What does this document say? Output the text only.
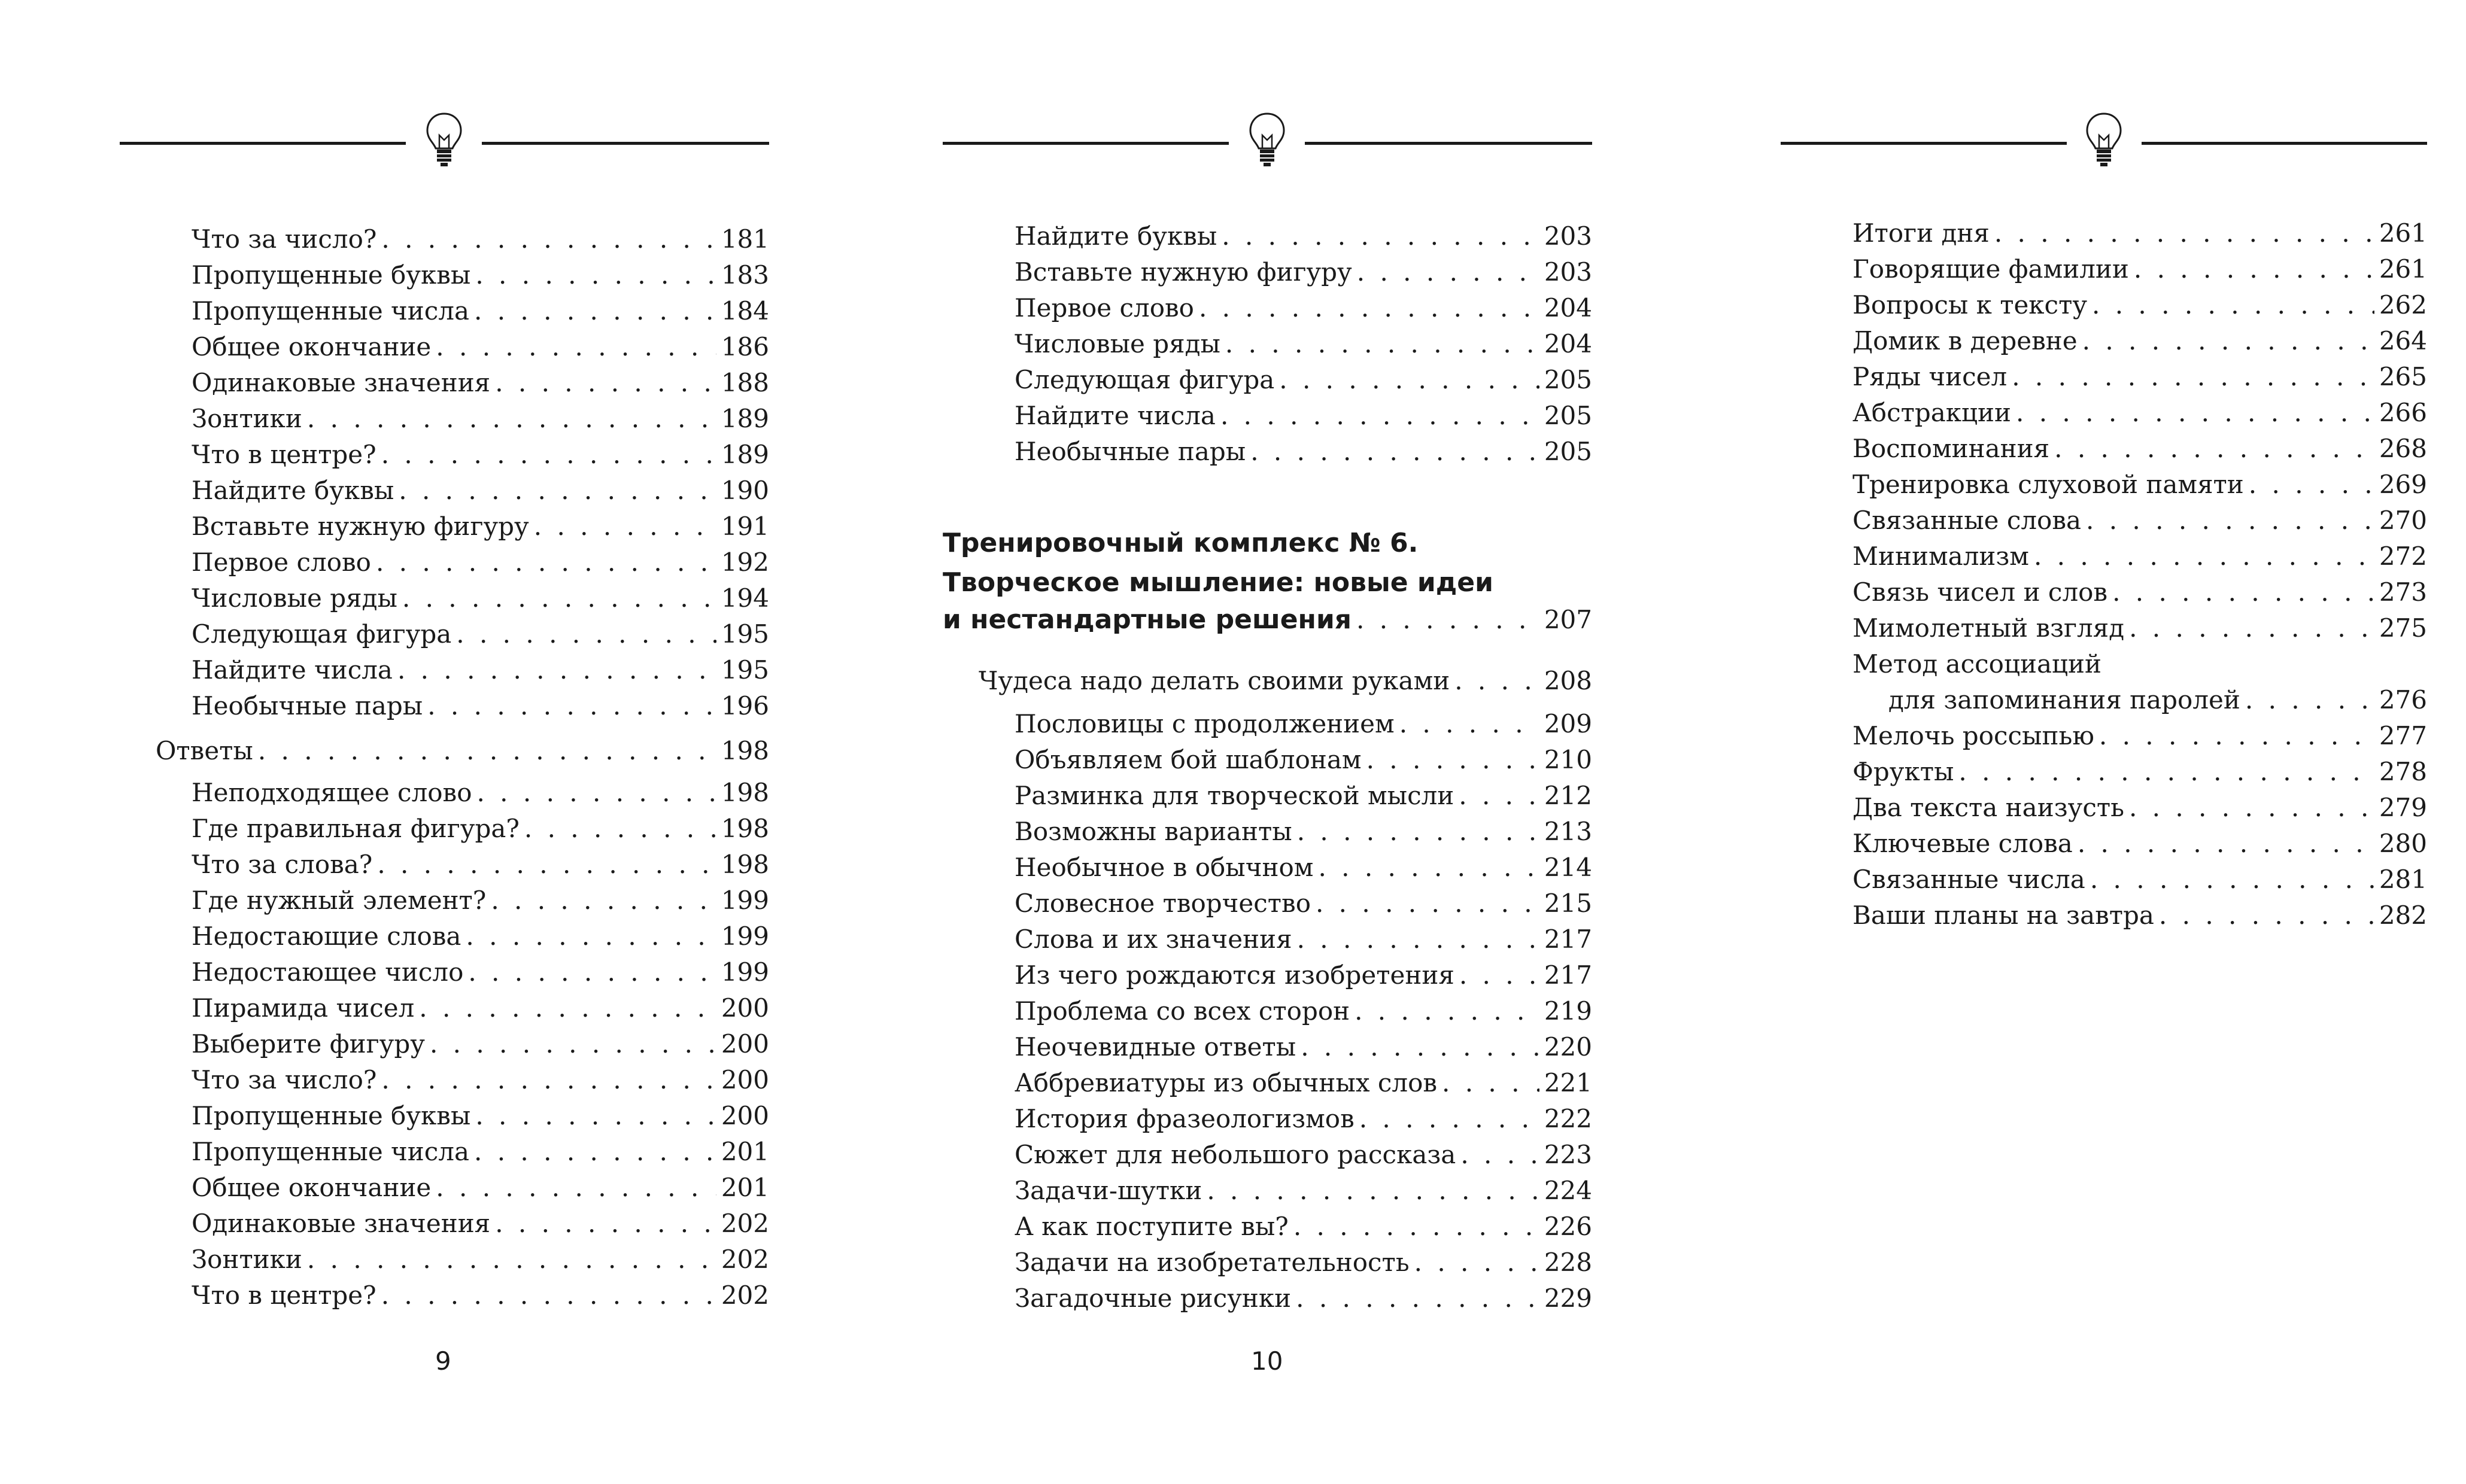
Что за число? . . .	181
Пропущенные буквы . . .	183
Пропущенные числа . . .	184
Общее окончание . . .	186
Одинаковые значения . . .	188
Зонтики . . .	189
Что в центре? . . .	189
Найдите буквы . . .	190
Вставьте нужную фигуру . . .	191
Первое слово . . .	192
Числовые ряды . . .	194
Следующая фигура . . .	195
Найдите числа . . .	195
Необычные пары . . .	196
Ответы . . .	198
Неподходящее слово . . .	198
Где правильная фигура? . . .	198
Что за слова? . . .	198
Где нужный элемент? . . .	199
Недостающие слова . . .	199
Недостающее число . . .	199
Пирамида чисел . . .	200
Выберите фигуру . . .	200
Что за число? . . .	200
Пропущенные буквы . . .	200
Пропущенные числа . . .	201
Общее окончание . . .	201
Одинаковые значения . . .	202
Зонтики . . .	202
Что в центре? . . .	202
9
Найдите буквы . . .	203
Вставьте нужную фигуру . . .	203
Первое слово . . .	204
Числовые ряды . . .	204
Следующая фигура . . .	205
Найдите числа . . .	205
Необычные пары . . .	205
Тренировочный комплекс № 6.
Творческое мышление: новые идеи
и нестандартные решения . . .	207
Чудеса надо делать своими руками . . .	208
Пословицы с продолжением . . .	209
Объявляем бой шаблонам . . .	210
Разминка для творческой мысли . . .	212
Возможны варианты . . .	213
Необычное в обычном . . .	214
Словесное творчество . . .	215
Слова и их значения . . .	217
Из чего рождаются изобретения . . .	217
Проблема со всех сторон . . .	219
Неочевидные ответы . . .	220
Аббревиатуры из обычных слов . . .	221
История фразеологизмов . . .	222
Сюжет для небольшого рассказа . . .	223
Задачи-шутки . . .	224
А как поступите вы? . . .	226
Задачи на изобретательность . . .	228
Загадочные рисунки . . .	229
10
Итоги дня . . .	261
Говорящие фамилии . . .	261
Вопросы к тексту . . .	262
Домик в деревне . . .	264
Ряды чисел . . .	265
Абстракции . . .	266
Воспоминания . . .	268
Тренировка слуховой памяти . . .	269
Связанные слова . . .	270
Минимализм . . .	272
Связь чисел и слов . . .	273
Мимолетный взгляд . . .	275
Метод ассоциаций
для запоминания паролей . . .	276
Мелочь россыпью . . .	277
Фрукты . . .	278
Два текста наизусть . . .	279
Ключевые слова . . .	280
Связанные числа . . .	281
Ваши планы на завтра . . .	282
